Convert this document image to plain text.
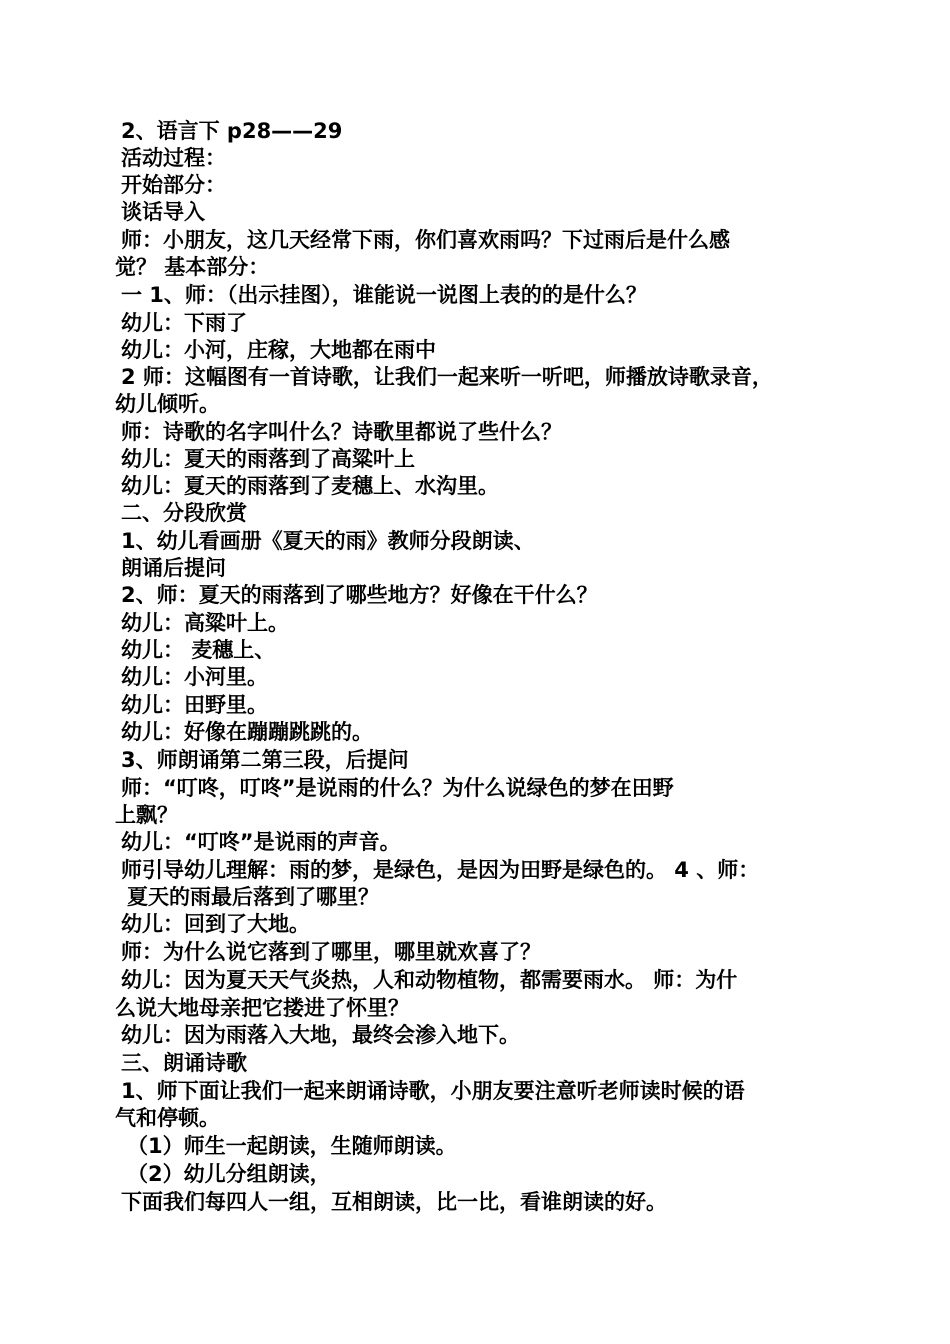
2、语言下 p28——29
活动过程：
开始部分：
谈话导入
师：小朋友，这几天经常下雨，你们喜欢雨吗？下过雨后是什么感
觉？ 基本部分：
一 1、师：（出示挂图），谁能说一说图上表的的是什么？
幼儿：下雨了
幼儿：小河，庄稼，大地都在雨中
2 师：这幅图有一首诗歌，让我们一起来听一听吧，师播放诗歌录音，
幼儿倾听。
师：诗歌的名字叫什么？诗歌里都说了些什么？
幼儿：夏天的雨落到了高粱叶上
幼儿：夏天的雨落到了麦穗上、水沟里。
二、分段欣赏
1、幼儿看画册《夏天的雨》教师分段朗读、
朗诵后提问
2、师：夏天的雨落到了哪些地方？好像在干什么？
幼儿：高粱叶上。
幼儿： 麦穗上、
幼儿：小河里。
幼儿：田野里。
幼儿：好像在蹦蹦跳跳的。
3、师朗诵第二第三段，后提问
师：“叮咚，叮咚”是说雨的什么？为什么说绿色的梦在田野
上飘？
幼儿：“叮咚”是说雨的声音。
师引导幼儿理解：雨的梦，是绿色，是因为田野是绿色的。 4 、师：
夏天的雨最后落到了哪里？
幼儿：回到了大地。
师：为什么说它落到了哪里，哪里就欢喜了？
幼儿：因为夏天天气炎热，人和动物植物，都需要雨水。 师：为什
么说大地母亲把它搂进了怀里？
幼儿：因为雨落入大地，最终会渗入地下。
三、朗诵诗歌
1、师下面让我们一起来朗诵诗歌，小朋友要注意听老师读时候的语
气和停顿。
（1）师生一起朗读，生随师朗读。
（2）幼儿分组朗读，
下面我们每四人一组，互相朗读，比一比，看谁朗读的好。
